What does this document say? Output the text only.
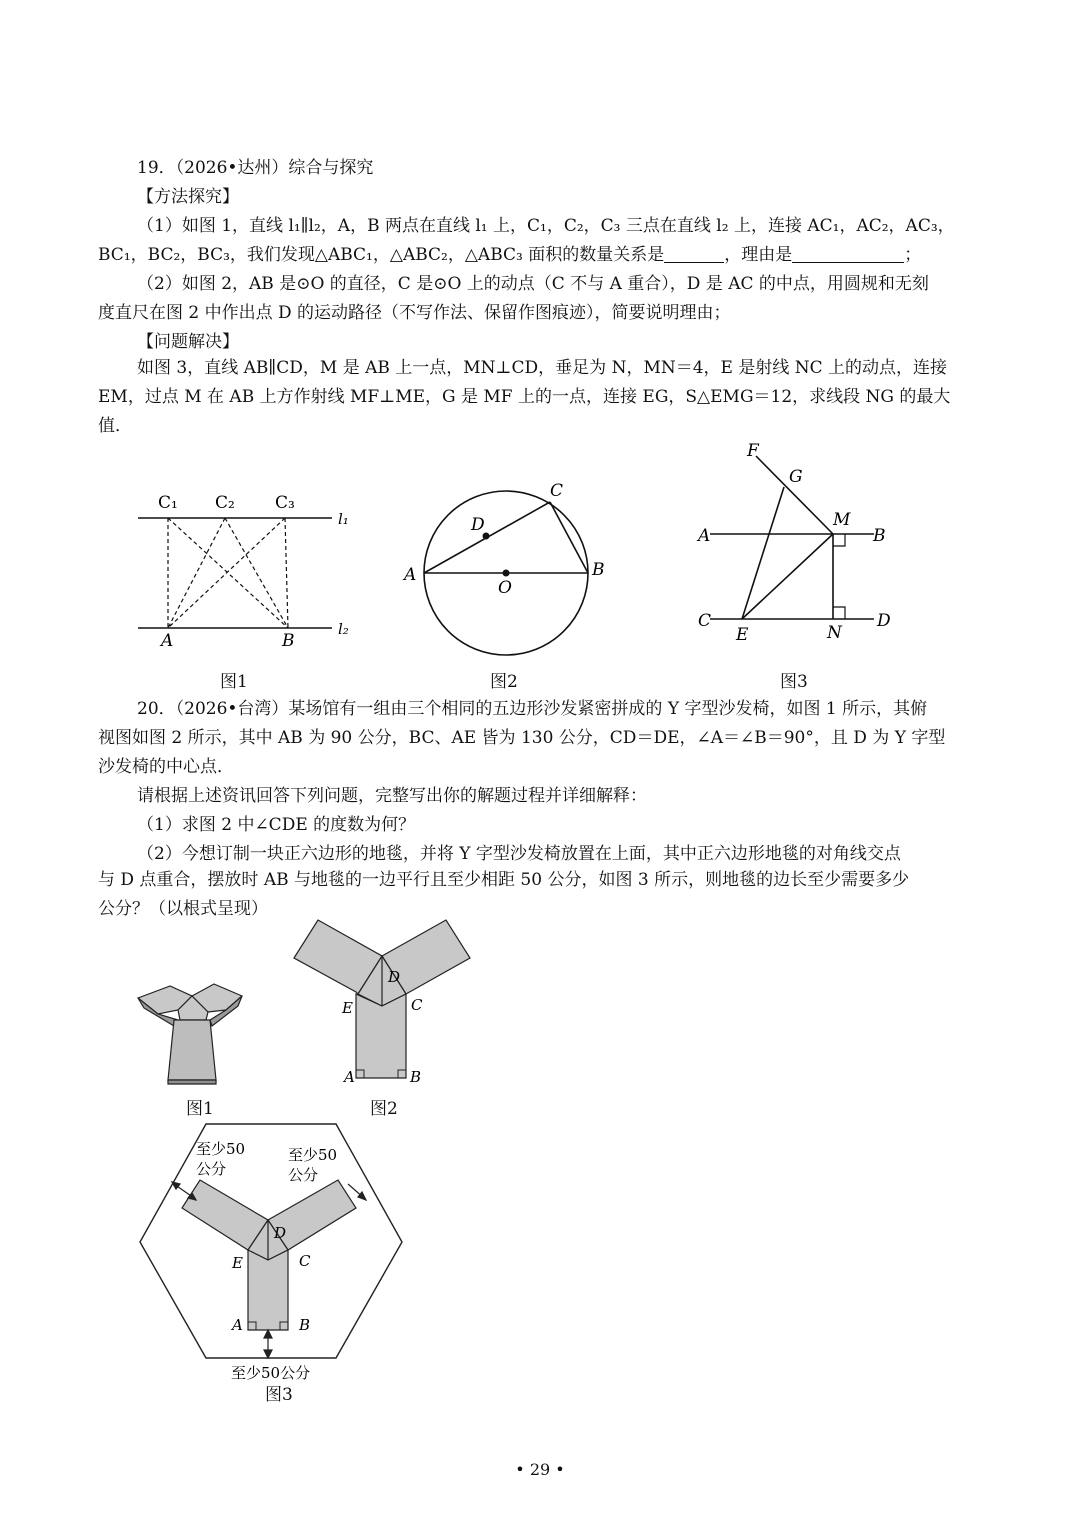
19．（2026•达州）综合与探究
【方法探究】
（1）如图 1，直线 l₁∥l₂，A，B 两点在直线 l₁ 上，C₁，C₂，C₃ 三点在直线 l₂ 上，连接 AC₁，AC₂，AC₃，
BC₁，BC₂，BC₃，我们发现△ABC₁，△ABC₂，△ABC₃ 面积的数量关系是	，理由是	；
（2）如图 2，AB 是⊙O 的直径，C 是⊙O 上的动点（C 不与 A 重合），D 是 AC 的中点，用圆规和无刻
度直尺在图 2 中作出点 D 的运动路径（不写作法、保留作图痕迹），简要说明理由；
【问题解决】
如图 3，直线 AB∥CD，M 是 AB 上一点，MN⊥CD，垂足为 N，MN＝4，E 是射线 NC 上的动点，连接
EM，过点 M 在 AB 上方作射线 MF⊥ME，G 是 MF 上的一点，连接 EG，S△EMG＝12，求线段 NG 的最大
值．
C₁ C₂ C₃
l₁
A	B
l₂
图1
C
D
A
O
B
图2
F
G
M
A	B
C
E	N
D
图3
20．（2026•台湾）某场馆有一组由三个相同的五边形沙发紧密拼成的 Y 字型沙发椅，如图 1 所示，其俯
视图如图 2 所示，其中 AB 为 90 公分，BC、AE 皆为 130 公分，CD＝DE，∠A＝∠B＝90°，且 D 为 Y 字型
沙发椅的中心点．
请根据上述资讯回答下列问题，完整写出你的解题过程并详细解释：
（1）求图 2 中∠CDE 的度数为何？
（2）今想订制一块正六边形的地毯，并将 Y 字型沙发椅放置在上面，其中正六边形地毯的对角线交点
与 D 点重合，摆放时 AB 与地毯的一边平行且至少相距 50 公分，如图 3 所示，则地毯的边长至少需要多少
公分？（以根式呈现）
图1
D
E	C
A	B
图2
D
E	C
A	B
至少50
公分
至少50
公分
至少50公分
图3
• 29 •
